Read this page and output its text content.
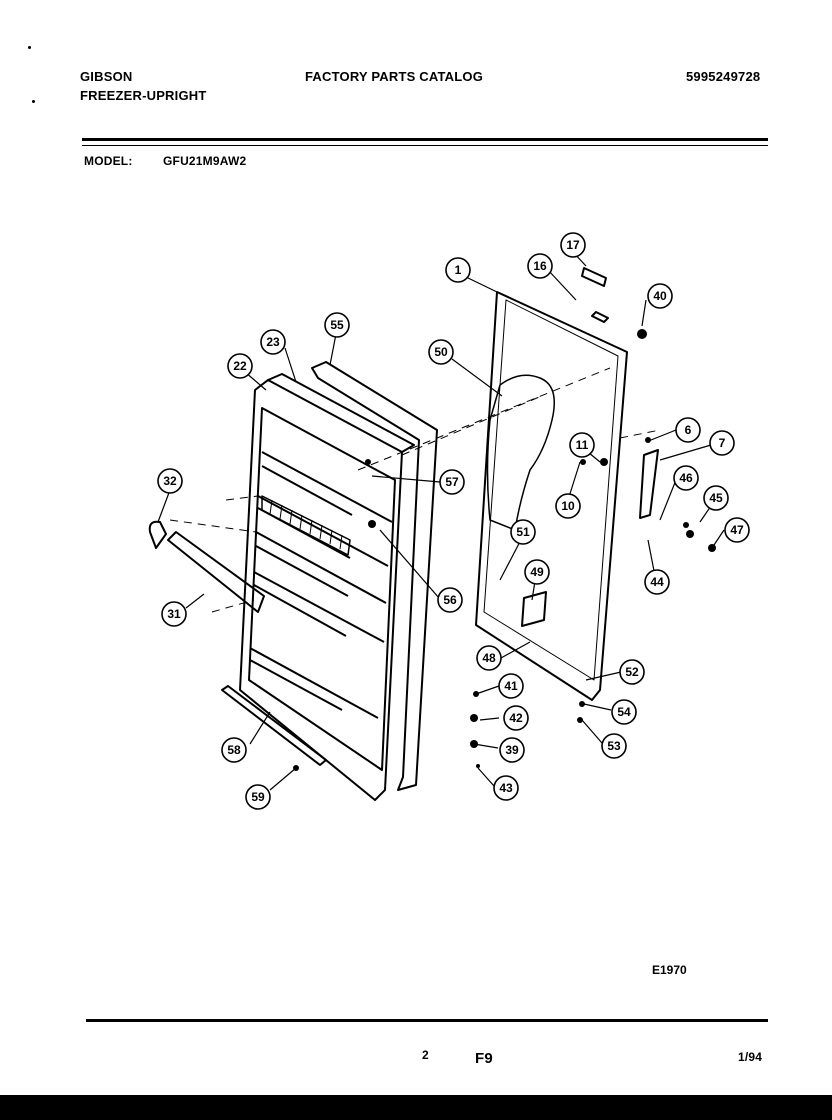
GIBSON
FREEZER-UPRIGHT
FACTORY PARTS CATALOG	5995249728
MODEL:	GFU21M9AW2
1
6
7
10
11
16
17
22
23
31
32
39
40
41
42
43
44
45
46
47
48
49
50
51
52
53
54
55
56
57
58
59
E1970
2	F9	1/94
